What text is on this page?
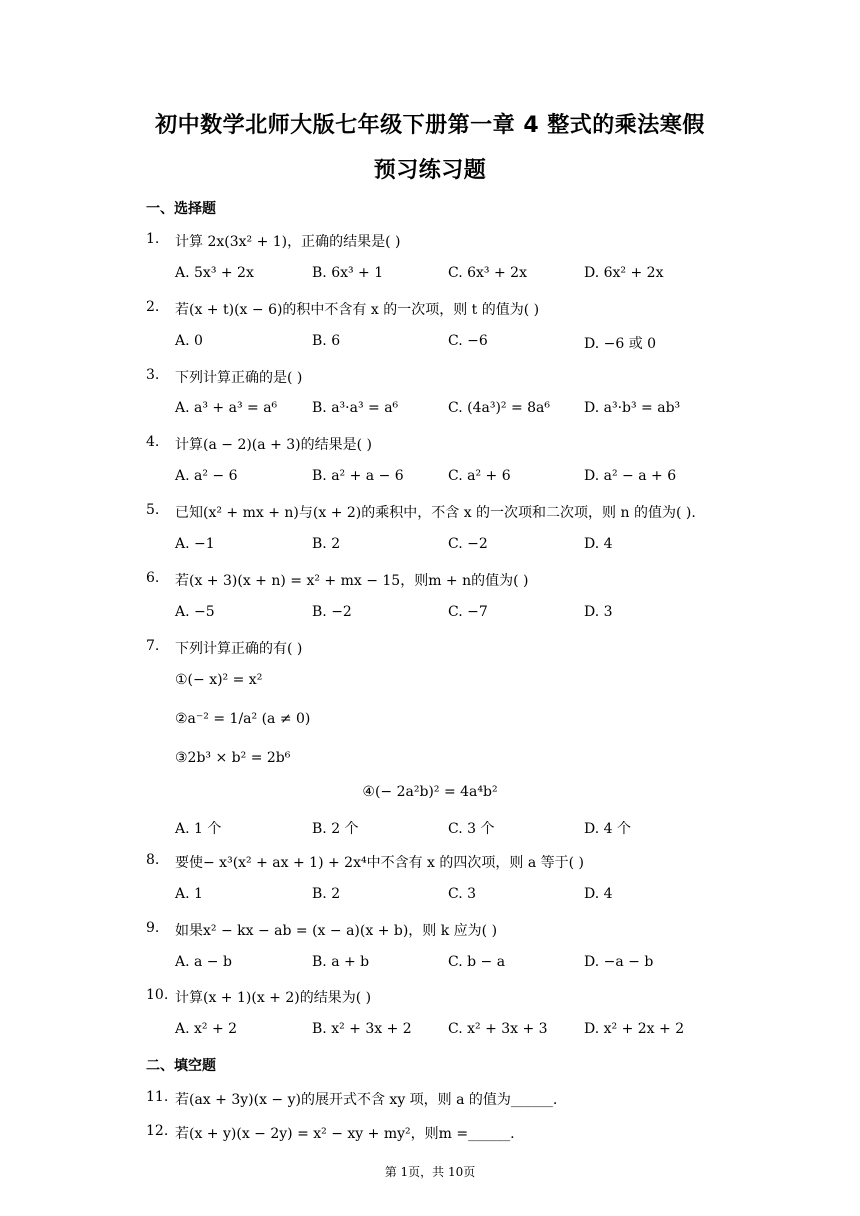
初中数学北师大版七年级下册第一章 4 整式的乘法寒假
预习练习题
一、选择题
1. 计算 2x(3x² + 1)，正确的结果是( )
A. 5x³ + 2x	B. 6x³ + 1	C. 6x³ + 2x	D. 6x² + 2x
2. 若(x + t)(x − 6)的积中不含有 x 的一次项，则 t 的值为( )
A. 0	B. 6	C. −6	D. −6 或 0
3. 下列计算正确的是( )
A. a³ + a³ = a⁶ B. a³·a³ = a⁶	C. (4a³)² = 8a⁶ D. a³·b³ = ab³
4. 计算(a − 2)(a + 3)的结果是( )
A. a² − 6	B. a² + a − 6	C. a² + 6	D. a² − a + 6
5. 已知(x² + mx + n)与(x + 2)的乘积中，不含 x 的一次项和二次项，则 n 的值为( ).
A. −1	B. 2	C. −2	D. 4
6. 若(x + 3)(x + n) = x² + mx − 15，则m + n的值为( )
A. −5	B. −2	C. −7	D. 3
7. 下列计算正确的有( )
①(− x)² = x²
②a⁻² = 1/a² (a ≠ 0)
③2b³ × b² = 2b⁶
④(− 2a²b)² = 4a⁴b²
A. 1 个	B. 2 个	C. 3 个	D. 4 个
8. 要使− x³(x² + ax + 1) + 2x⁴中不含有 x 的四次项，则 a 等于( )
A. 1	B. 2	C. 3	D. 4
9. 如果x² − kx − ab = (x − a)(x + b)，则 k 应为( )
A. a − b	B. a + b	C. b − a	D. −a − b
10. 计算(x + 1)(x + 2)的结果为( )
A. x² + 2	B. x² + 3x + 2	C. x² + 3x + 3	D. x² + 2x + 2
二、填空题
11. 若(ax + 3y)(x − y)的展开式不含 xy 项，则 a 的值为______.
12. 若(x + y)(x − 2y) = x² − xy + my²，则m =______.
第 1页，共 10页
